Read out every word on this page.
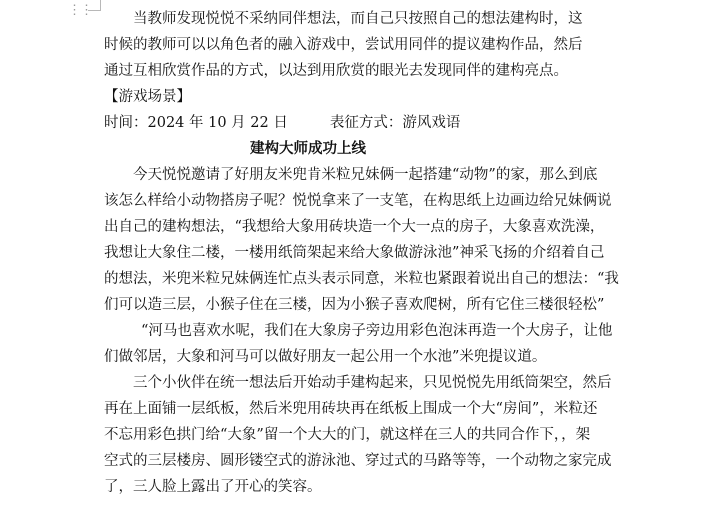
⋮⋮
当教师发现悦悦不采纳同伴想法，而自己只按照自己的想法建构时，这
时候的教师可以以角色者的融入游戏中，尝试用同伴的提议建构作品，然后
通过互相欣赏作品的方式，以达到用欣赏的眼光去发现同伴的建构亮点。
【游戏场景】
时间：2024 年 10 月 22 日	表征方式：游风戏语
建构大师成功上线
今天悦悦邀请了好朋友米兜肯米粒兄妹俩一起搭建“动物”的家，那么到底
该怎么样给小动物搭房子呢？悦悦拿来了一支笔，在构思纸上边画边给兄妹俩说
出自己的建构想法，“我想给大象用砖块造一个大一点的房子，大象喜欢洗澡，
我想让大象住二楼，一楼用纸筒架起来给大象做游泳池”神采飞扬的介绍着自己
的想法，米兜米粒兄妹俩连忙点头表示同意，米粒也紧跟着说出自己的想法：“我
们可以造三层，小猴子住在三楼，因为小猴子喜欢爬树，所有它住三楼很轻松”
“河马也喜欢水呢，我们在大象房子旁边用彩色泡沫再造一个大房子，让他
们做邻居，大象和河马可以做好朋友一起公用一个水池”米兜提议道。
三个小伙伴在统一想法后开始动手建构起来，只见悦悦先用纸筒架空，然后
再在上面铺一层纸板，然后米兜用砖块再在纸板上围成一个大“房间”，米粒还
不忘用彩色拱门给“大象”留一个大大的门，就这样在三人的共同合作下，，架
空式的三层楼房、圆形镂空式的游泳池、穿过式的马路等等，一个动物之家完成
了，三人脸上露出了开心的笑容。
